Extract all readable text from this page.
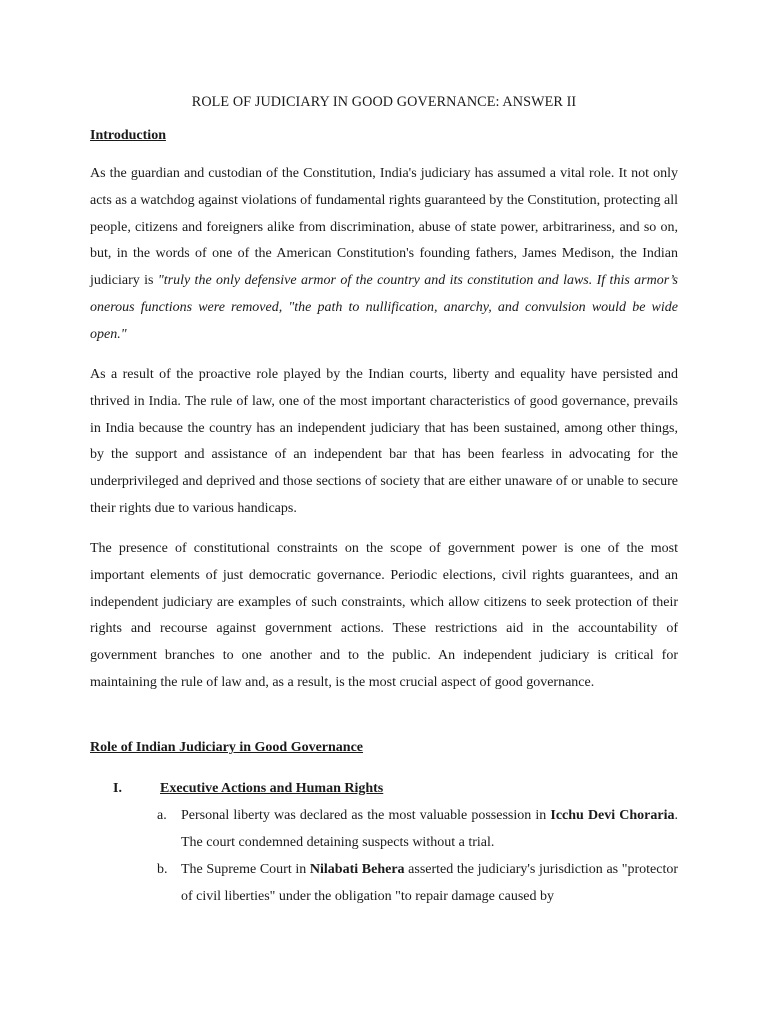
ROLE OF JUDICIARY IN GOOD GOVERNANCE: ANSWER II
Introduction

As the guardian and custodian of the Constitution, India's judiciary has assumed a vital role. It not only acts as a watchdog against violations of fundamental rights guaranteed by the Constitution, protecting all people, citizens and foreigners alike from discrimination, abuse of state power, arbitrariness, and so on, but, in the words of one of the American Constitution's founding fathers, James Medison, the Indian judiciary is "truly the only defensive armor of the country and its constitution and laws. If this armor’s onerous functions were removed, "the path to nullification, anarchy, and convulsion would be wide open."

As a result of the proactive role played by the Indian courts, liberty and equality have persisted and thrived in India. The rule of law, one of the most important characteristics of good governance, prevails in India because the country has an independent judiciary that has been sustained, among other things, by the support and assistance of an independent bar that has been fearless in advocating for the underprivileged and deprived and those sections of society that are either unaware of or unable to secure their rights due to various handicaps.

The presence of constitutional constraints on the scope of government power is one of the most important elements of just democratic governance. Periodic elections, civil rights guarantees, and an independent judiciary are examples of such constraints, which allow citizens to seek protection of their rights and recourse against government actions. These restrictions aid in the accountability of government branches to one another and to the public. An independent judiciary is critical for maintaining the rule of law and, as a result, is the most crucial aspect of good governance.

Role of Indian Judiciary in Good Governance
I.	Executive Actions and Human Rights
a. Personal liberty was declared as the most valuable possession in Icchu Devi Choraria. The court condemned detaining suspects without a trial.

b. The Supreme Court in Nilabati Behera asserted the judiciary's jurisdiction as "protector of civil liberties" under the obligation "to repair damage caused by
